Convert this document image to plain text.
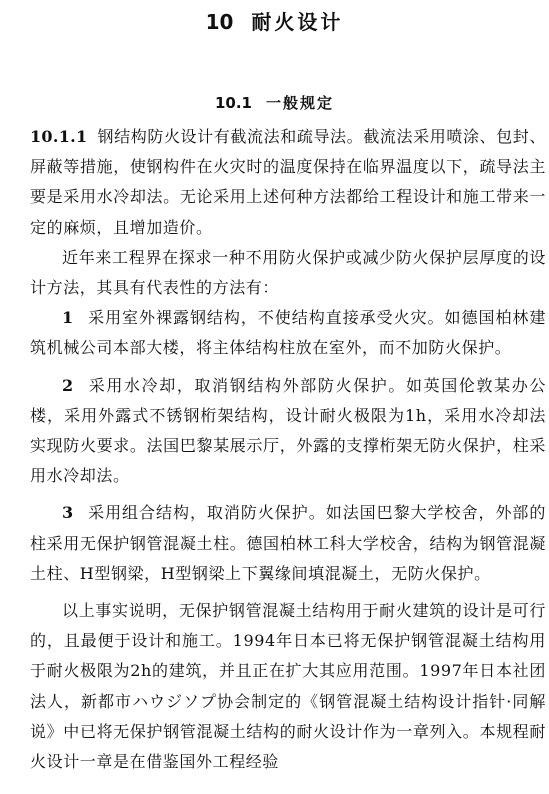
10 耐火设计
10.1 一般规定

10.1.1 钢结构防火设计有截流法和疏导法。截流法采用喷涂、包封、屏蔽等措施，使钢构件在火灾时的温度保持在临界温度以下，疏导法主要是采用水冷却法。无论采用上述何种方法都给工程设计和施工带来一定的麻烦，且增加造价。

近年来工程界在探求一种不用防火保护或减少防火保护层厚度的设计方法，其具有代表性的方法有：

1 采用室外裸露钢结构，不使结构直接承受火灾。如德国柏林建筑机械公司本部大楼，将主体结构柱放在室外，而不加防火保护。

2 采用水冷却，取消钢结构外部防火保护。如英国伦敦某办公楼，采用外露式不锈钢桁架结构，设计耐火极限为1h，采用水冷却法实现防火要求。法国巴黎某展示厅，外露的支撑桁架无防火保护，柱采用水冷却法。

3 采用组合结构，取消防火保护。如法国巴黎大学校舍，外部的柱采用无保护钢管混凝土柱。德国柏林工科大学校舍，结构为钢管混凝土柱、H型钢梁，H型钢梁上下翼缘间填混凝土，无防火保护。

以上事实说明，无保护钢管混凝土结构用于耐火建筑的设计是可行的，且最便于设计和施工。1994年日本已将无保护钢管混凝土结构用于耐火极限为2h的建筑，并且正在扩大其应用范围。1997年日本社团法人，新都市ハウジソプ协会制定的《钢管混凝土结构设计指针·同解说》中已将无保护钢管混凝土结构的耐火设计作为一章列入。本规程耐火设计一章是在借鉴国外工程经验
